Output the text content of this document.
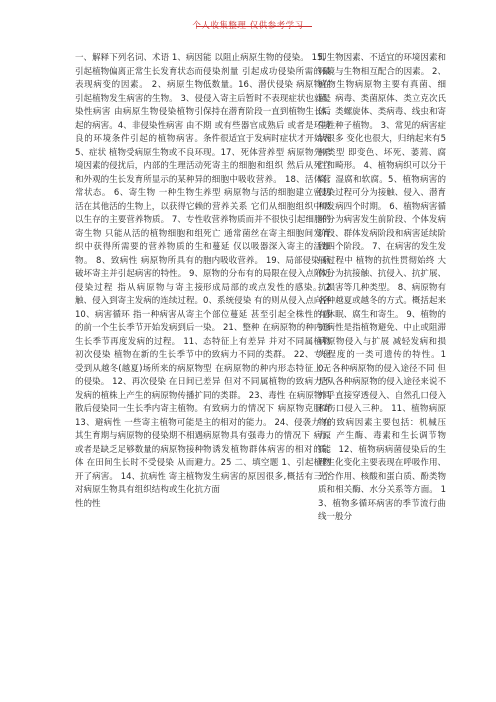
个人收集整理 仅供参考学习

一、解释下列名词、术语 1、病因 引起植物偏离正常生长发育状态而表现病变的因素。 2、病原生物 引起植物发生病害的生物。 3、侵染性病害 由病原生物侵染植物引起的病害。4、非侵染性病害 由不良的环境条件引起的植物病害。 5、症状 植物受病原生物或不良环境因素的侵扰后，内部的生理活动和外观的生长发育所显示的某种异常状态。 6、寄生物 一种生物生活在其他活的生物上，以获得它赖以生存的主要营养物质。 7、专性寄生物 只能从活的植物细胞和组织中获得所需要的营养物质的生物。 8、致病性 病原物所具有的破坏寄主并引起病害的特性。 9、侵染过程 指从病原物与寄主接触、侵入到寄主发病的连续过程。 10、病害循环 指一种病害从寄主的前一个生长季节开始发病到后一生长季节再度发病的过程。 11、初次侵染 植物在新的生长季节中受到从越冬(越夏)场所来的病原物的侵染。 12、再次侵染 在日间已发病的植株上产生的病原物传播扩散后侵染同一生长季内寄主植物。 13、避病性 一些寄主植物可能是其生育期与病原物的侵染期不相遇 或者是缺乏足够数量的病原物接种体 在田间生长时不受侵染 从而避开了病害。 14、抗病性 寄主植物对病原生物具有组织结构或生化抗性的性

能 以阻止病原生物的侵染。 15、侵染剂量 引起成功侵染所需的最低数量。16、潜伏侵染 病原物在侵入寄主后暂时不表现症状也就是保持在潜育阶段一直到植物生长后期 或有些器官成熟后 或者是环境条件很适宜于发病时症状才开始表现。17、死体营养型 病原物先杀死寄主的细胞和组织 然后从死亡的细胞中吸收营养。 18、活体营养型 病原物与活的细胞建立密切的营养关系 它们从细胞组织中吸收营养物质而并不很快引起细胞的死亡 通常菌丝在寄主细胞间发育和蔓延 仅以吸器深入寄主的活细胞内吸收营养。 19、局部侵染 病原物的分布有的局限在侵入点附近 形成局部的或点发性的感染。 20、系统侵染 有的则从侵入点向各个部位蔓延 甚至引起全株性的感染。 21、整种 在病原物的种内形态特征上有差异 并对不同属植物的致病力不同的类群。 22、专化型 在病原物的种内形态特征上无差异 但对不同属植物的致病力不同的类群。 23、毒性 在病原物具有致病力的情况下 病原物克服寄主的相对的能力。 24、侵袭力 在病原物具有强毒力的情况下 病原物诱发植物群体病害的相对的能力。25 二、填空题 1、引起植物发生病害的原因很多,概括有三个方面

即生物因素、不适宜的环境因素和环境与生物相互配合的因素。 2、植物生物病原物主要有真菌、细菌、病毒、类菌原体、类立克次氏体、类螺旋体、类病毒、线虫和寄生性种子植物。 3、常见的病害症状很多 变化也很大，归纳起来有5种类型 即变色、坏死、萎蔫、腐烂和畸形。 4、植物病织可以分干腐、湿腐和软腐。5、植物病害的侵染过程可分为接触、侵入、潜育和发病四个时期。 6、植物病害循环分为病害发生前阶段、个体发病阶段、群体发病阶段和病害延续阶段四个阶段。 7、在病害的发生发展过程中 植物的抗性贯彻始终 大体分为抗接触、抗侵入、抗扩展、抗损害等几种类型。 8、病原物有各种越夏或越冬的方式。概括起来有休眠、腐生和寄生。 9、植物的抗病性是指植物避免、中止或阻滞病原物侵入与扩展 减轻发病和损失程度的一类可遗传的特性。10、各种病原物的侵入途径不同 但是从各种病原物的侵入途径来说不外乎直接穿透侵入、自然孔口侵入和伤口侵入三种。 11、植物病原物的致病因素主要包括：机械压力、产生酶、毒素和生长调节物质。 12、植物病病菌侵染后的生理生化变化主要表现在呼吸作用、光合作用、核酸和蛋白质、酚类物质和相关酶、水分关系等方面。 13、植物多循环病害的季节流行曲线一般分
